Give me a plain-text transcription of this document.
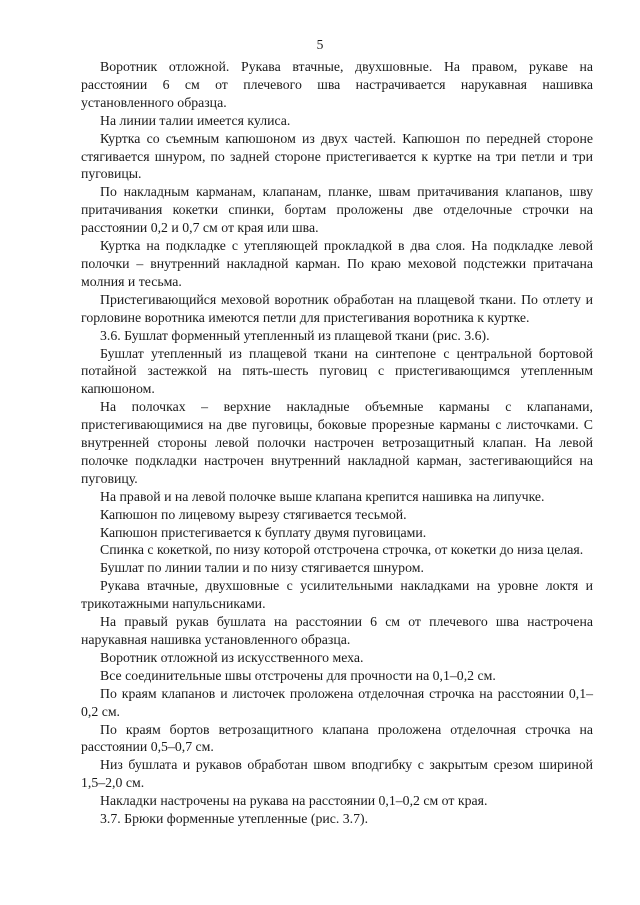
5

Воротник отложной. Рукава втачные, двухшовные. На правом, рукаве на расстоянии 6 см от плечевого шва настрачивается нарукавная нашивка установленного образца.

На линии талии имеется кулиса.

Куртка со съемным капюшоном из двух частей. Капюшон по передней стороне стягивается шнуром, по задней стороне пристегивается к куртке на три петли и три пуговицы.

По накладным карманам, клапанам, планке, швам притачивания клапанов, шву притачивания кокетки спинки, бортам проложены две отделочные строчки на расстоянии 0,2 и 0,7 см от края или шва.

Куртка на подкладке с утепляющей прокладкой в два слоя. На подкладке левой полочки – внутренний накладной карман. По краю меховой подстежки притачана молния и тесьма.

Пристегивающийся меховой воротник обработан на плащевой ткани. По отлету и горловине воротника имеются петли для пристегивания воротника к куртке.

3.6. Бушлат форменный утепленный из плащевой ткани (рис. 3.6).

Бушлат утепленный из плащевой ткани на синтепоне с центральной бортовой потайной застежкой на пять-шесть пуговиц с пристегивающимся утепленным капюшоном.

На полочках – верхние накладные объемные карманы с клапанами, пристегивающимися на две пуговицы, боковые прорезные карманы с листочками. С внутренней стороны левой полочки настрочен ветрозащитный клапан. На левой полочке подкладки настрочен внутренний накладной карман, застегивающийся на пуговицу.

На правой и на левой полочке выше клапана крепится нашивка на липучке.

Капюшон по лицевому вырезу стягивается тесьмой.

Капюшон пристегивается к буплату двумя пуговицами.

Спинка с кокеткой, по низу которой отстрочена строчка, от кокетки до низа целая.

Бушлат по линии талии и по низу стягивается шнуром.

Рукава втачные, двухшовные с усилительными накладками на уровне локтя и трикотажными напульсниками.

На правый рукав бушлата на расстоянии 6 см от плечевого шва настрочена нарукавная нашивка установленного образца.

Воротник отложной из искусственного меха.

Все соединительные швы отстрочены для прочности на 0,1–0,2 см.

По краям клапанов и листочек проложена отделочная строчка на расстоянии 0,1–0,2 см.

По краям бортов ветрозащитного клапана проложена отделочная строчка на расстоянии 0,5–0,7 см.

Низ бушлата и рукавов обработан швом вподгибку с закрытым срезом шириной 1,5–2,0 см.

Накладки настрочены на рукава на расстоянии 0,1–0,2 см от края.

3.7. Брюки форменные утепленные (рис. 3.7).
